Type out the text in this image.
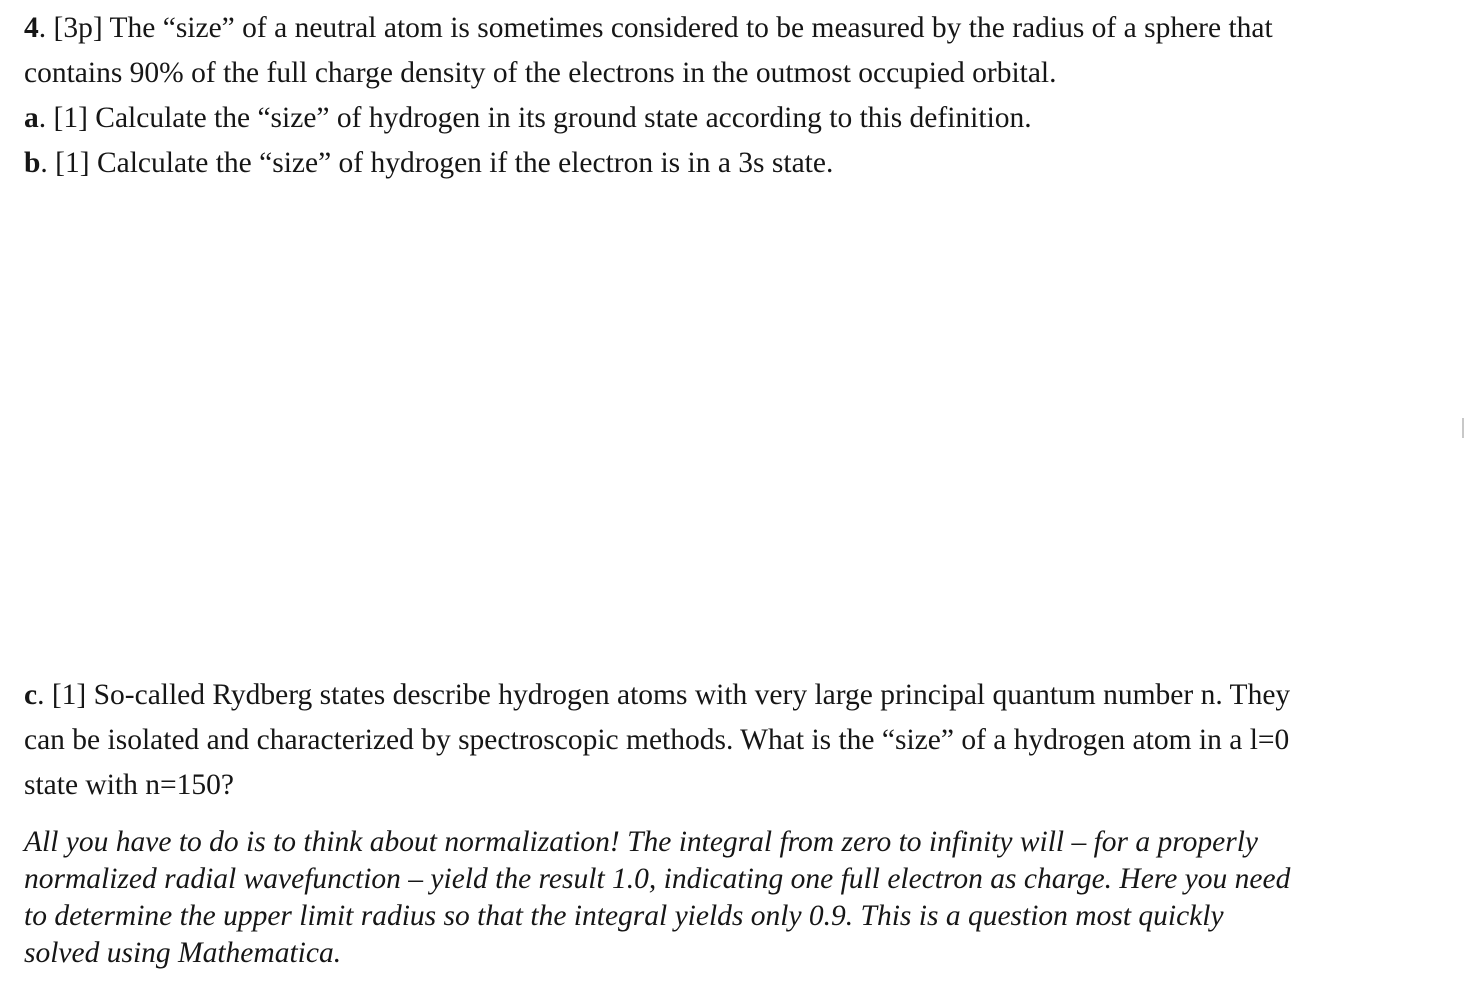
4. [3p] The “size” of a neutral atom is sometimes considered to be measured by the radius of a sphere that
contains 90% of the full charge density of the electrons in the outmost occupied orbital.
a. [1] Calculate the “size” of hydrogen in its ground state according to this definition.
b. [1] Calculate the “size” of hydrogen if the electron is in a 3s state.
c. [1] So-called Rydberg states describe hydrogen atoms with very large principal quantum number n. They
can be isolated and characterized by spectroscopic methods. What is the “size” of a hydrogen atom in a l=0
state with n=150?
All you have to do is to think about normalization! The integral from zero to infinity will – for a properly
normalized radial wavefunction – yield the result 1.0, indicating one full electron as charge. Here you need
to determine the upper limit radius so that the integral yields only 0.9. This is a question most quickly
solved using Mathematica.
